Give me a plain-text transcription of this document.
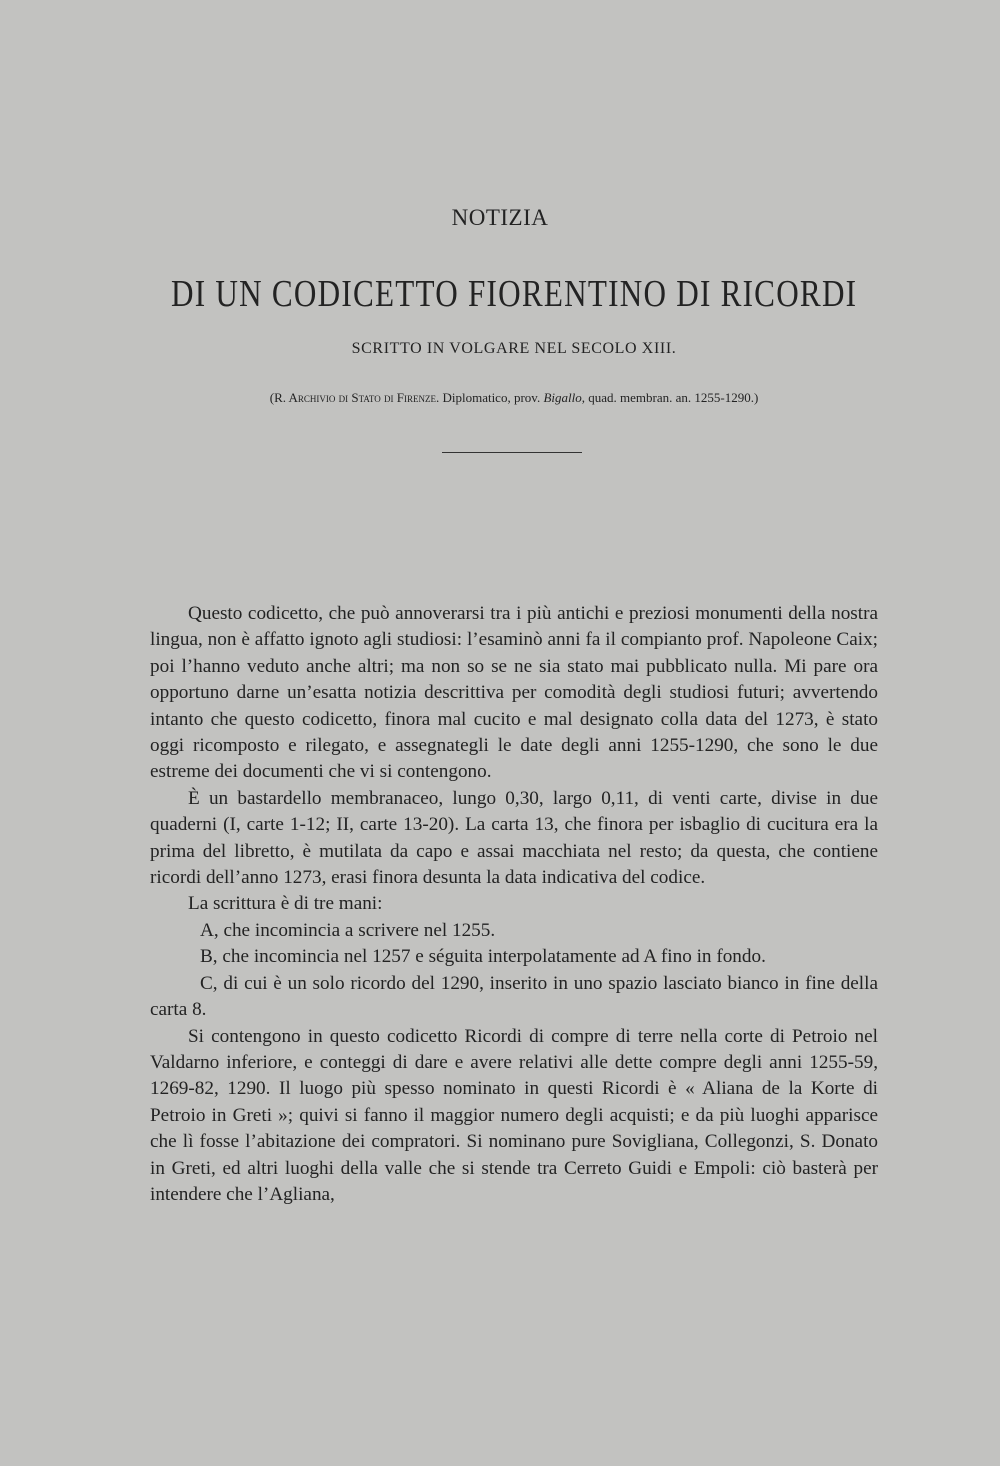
NOTIZIA
DI UN CODICETTO FIORENTINO DI RICORDI
SCRITTO IN VOLGARE NEL SECOLO XIII.
(R. Archivio di Stato di Firenze. Diplomatico, prov. Bigallo, quad. membran. an. 1255-1290.)

Questo codicetto, che può annoverarsi tra i più antichi e preziosi monumenti della nostra lingua, non è affatto ignoto agli studiosi: l’esaminò anni fa il compianto prof. Napoleone Caix; poi l’hanno veduto anche altri; ma non so se ne sia stato mai pubblicato nulla. Mi pare ora opportuno darne un’esatta notizia descrittiva per comodità degli studiosi futuri; avvertendo intanto che questo codicetto, finora mal cucito e mal designato colla data del 1273, è stato oggi ricomposto e rilegato, e assegnategli le date degli anni 1255-1290, che sono le due estreme dei documenti che vi si contengono.

È un bastardello membranaceo, lungo 0,30, largo 0,11, di venti carte, divise in due quaderni (I, carte 1-12; II, carte 13-20). La carta 13, che finora per isbaglio di cucitura era la prima del libretto, è mutilata da capo e assai macchiata nel resto; da questa, che contiene ricordi dell’anno 1273, erasi finora desunta la data indicativa del codice.

La scrittura è di tre mani:

A, che incomincia a scrivere nel 1255.

B, che incomincia nel 1257 e séguita interpolatamente ad A fino in fondo.

C, di cui è un solo ricordo del 1290, inserito in uno spazio lasciato bianco in fine della carta 8.

Si contengono in questo codicetto Ricordi di compre di terre nella corte di Petroio nel Valdarno inferiore, e conteggi di dare e avere relativi alle dette compre degli anni 1255-59, 1269-82, 1290. Il luogo più spesso nominato in questi Ricordi è « Aliana de la Korte di Petroio in Greti »; quivi si fanno il maggior numero degli acquisti; e da più luoghi apparisce che lì fosse l’abitazione dei compratori. Si nominano pure Sovigliana, Collegonzi, S. Donato in Greti, ed altri luoghi della valle che si stende tra Cerreto Guidi e Empoli: ciò basterà per intendere che l’Agliana,
